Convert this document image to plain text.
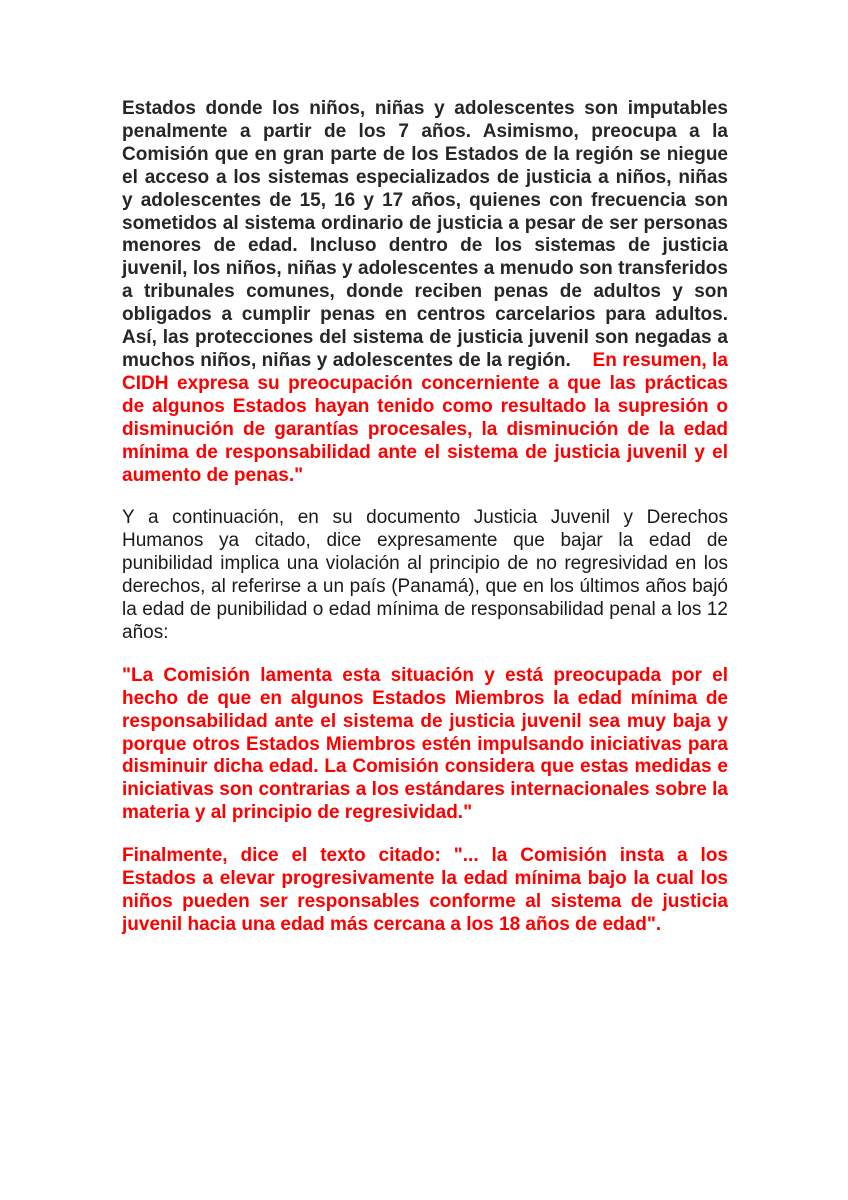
Estados donde los niños, niñas y adolescentes son imputables penalmente a partir de los 7 años. Asimismo, preocupa a la Comisión que en gran parte de los Estados de la región se niegue el acceso a los sistemas especializados de justicia a niños, niñas y adolescentes de 15, 16 y 17 años, quienes con frecuencia son sometidos al sistema ordinario de justicia a pesar de ser personas menores de edad. Incluso dentro de los sistemas de justicia juvenil, los niños, niñas y adolescentes a menudo son transferidos a tribunales comunes, donde reciben penas de adultos y son obligados a cumplir penas en centros carcelarios para adultos. Así, las protecciones del sistema de justicia juvenil son negadas a muchos niños, niñas y adolescentes de la región. En resumen, la CIDH expresa su preocupación concerniente a que las prácticas de algunos Estados hayan tenido como resultado la supresión o disminución de garantías procesales, la disminución de la edad mínima de responsabilidad ante el sistema de justicia juvenil y el aumento de penas."

Y a continuación, en su documento Justicia Juvenil y Derechos Humanos ya citado, dice expresamente que bajar la edad de punibilidad implica una violación al principio de no regresividad en los derechos, al referirse a un país (Panamá), que en los últimos años bajó la edad de punibilidad o edad mínima de responsabilidad penal a los 12 años:

"La Comisión lamenta esta situación y está preocupada por el hecho de que en algunos Estados Miembros la edad mínima de responsabilidad ante el sistema de justicia juvenil sea muy baja y porque otros Estados Miembros estén impulsando iniciativas para disminuir dicha edad. La Comisión considera que estas medidas e iniciativas son contrarias a los estándares internacionales sobre la materia y al principio de regresividad."

Finalmente, dice el texto citado: "... la Comisión insta a los Estados a elevar progresivamente la edad mínima bajo la cual los niños pueden ser responsables conforme al sistema de justicia juvenil hacia una edad más cercana a los 18 años de edad".
